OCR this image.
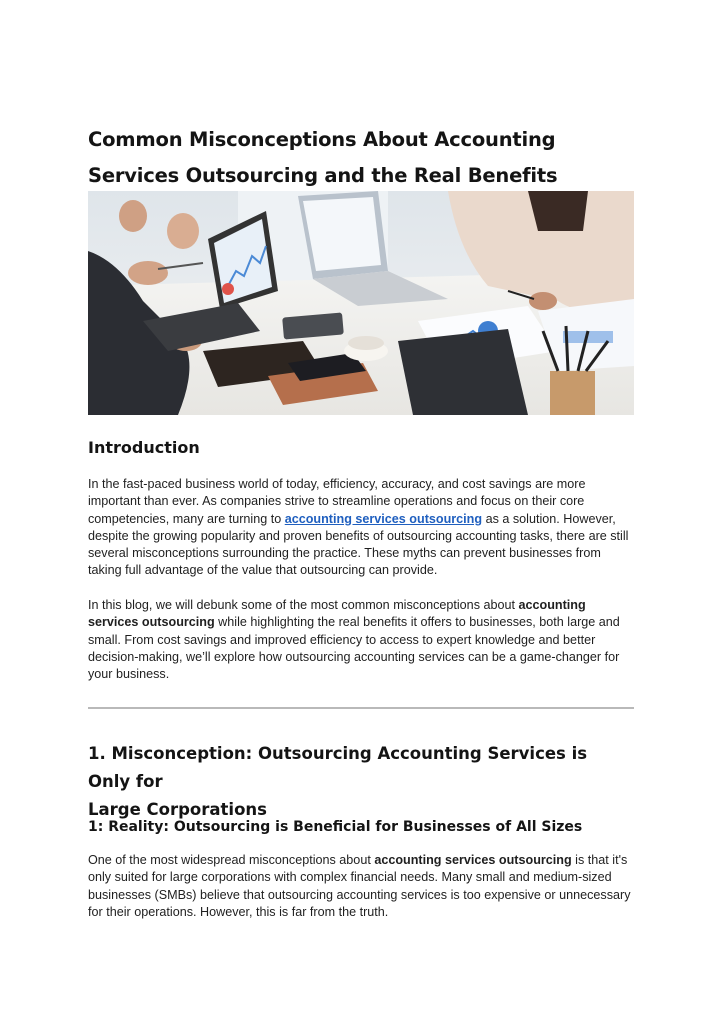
Common Misconceptions About Accounting
Services Outsourcing and the Real Benefits
Introduction

In the fast-paced business world of today, efficiency, accuracy, and cost savings are more important than ever. As companies strive to streamline operations and focus on their core competencies, many are turning to accounting services outsourcing as a solution. However, despite the growing popularity and proven benefits of outsourcing accounting tasks, there are still several misconceptions surrounding the practice. These myths can prevent businesses from taking full advantage of the value that outsourcing can provide.

In this blog, we will debunk some of the most common misconceptions about accounting services outsourcing while highlighting the real benefits it offers to businesses, both large and small. From cost savings and improved efficiency to access to expert knowledge and better decision-making, we’ll explore how outsourcing accounting services can be a game-changer for your business.

1. Misconception: Outsourcing Accounting Services is Only for
Large Corporations
1: Reality: Outsourcing is Beneficial for Businesses of All Sizes

One of the most widespread misconceptions about accounting services outsourcing is that it's only suited for large corporations with complex financial needs. Many small and medium-sized businesses (SMBs) believe that outsourcing accounting services is too expensive or unnecessary for their operations. However, this is far from the truth.
